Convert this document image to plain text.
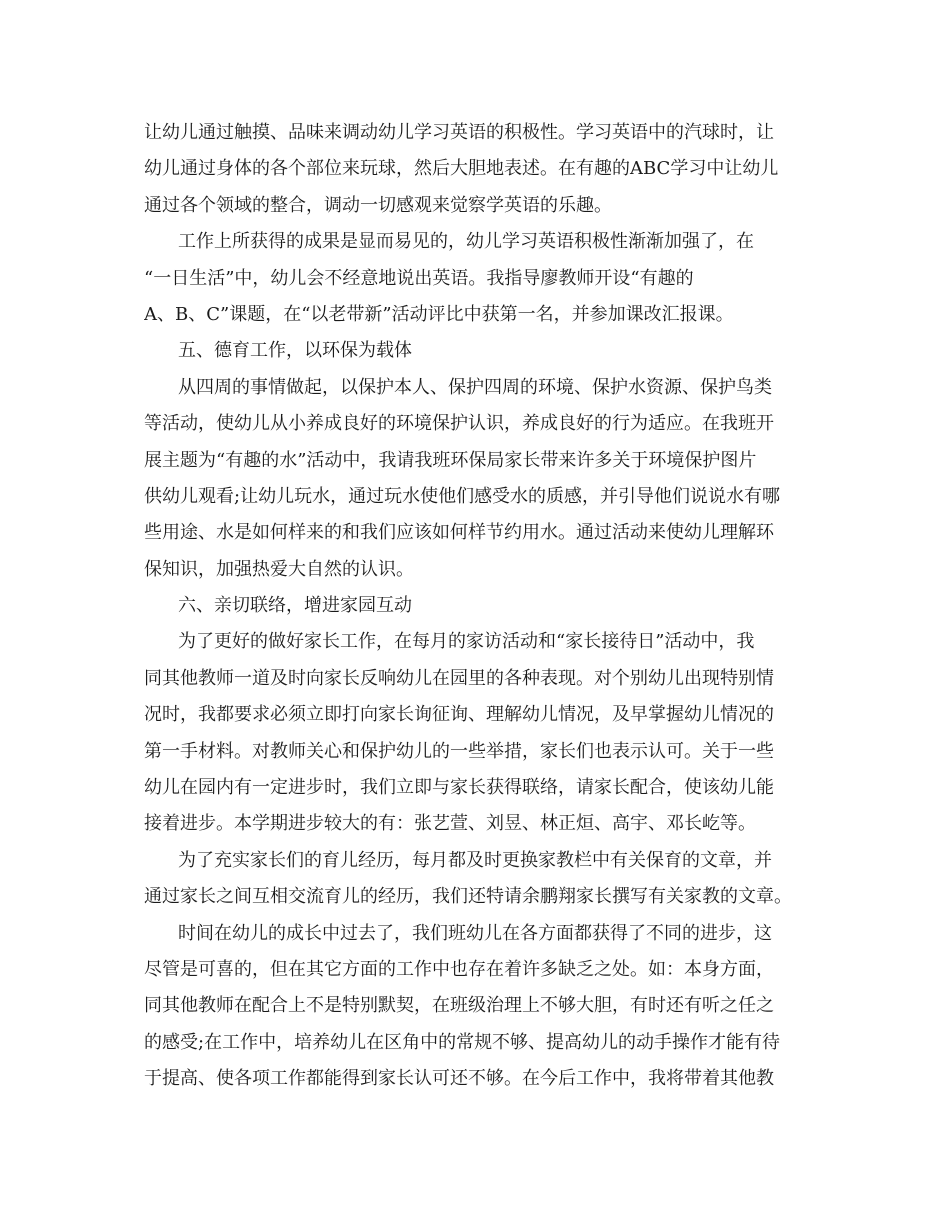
让幼儿通过触摸、品味来调动幼儿学习英语的积极性。学习英语中的汽球时，让
幼儿通过身体的各个部位来玩球，然后大胆地表述。在有趣的ABC学习中让幼儿
通过各个领域的整合，调动一切感观来觉察学英语的乐趣。
工作上所获得的成果是显而易见的，幼儿学习英语积极性渐渐加强了，在
“一日生活”中，幼儿会不经意地说出英语。我指导廖教师开设“有趣的
A、B、C”课题，在“以老带新”活动评比中获第一名，并参加课改汇报课。
五、德育工作，以环保为载体
从四周的事情做起，以保护本人、保护四周的环境、保护水资源、保护鸟类
等活动，使幼儿从小养成良好的环境保护认识，养成良好的行为适应。在我班开
展主题为“有趣的水”活动中，我请我班环保局家长带来许多关于环境保护图片
供幼儿观看;让幼儿玩水，通过玩水使他们感受水的质感，并引导他们说说水有哪
些用途、水是如何样来的和我们应该如何样节约用水。通过活动来使幼儿理解环
保知识，加强热爱大自然的认识。
六、亲切联络，增进家园互动
为了更好的做好家长工作，在每月的家访活动和“家长接待日”活动中，我
同其他教师一道及时向家长反响幼儿在园里的各种表现。对个别幼儿出现特别情
况时，我都要求必须立即打向家长询征询、理解幼儿情况，及早掌握幼儿情况的
第一手材料。对教师关心和保护幼儿的一些举措，家长们也表示认可。关于一些
幼儿在园内有一定进步时，我们立即与家长获得联络，请家长配合，使该幼儿能
接着进步。本学期进步较大的有：张艺萱、刘昱、林正烜、高宇、邓长屹等。
为了充实家长们的育儿经历，每月都及时更换家教栏中有关保育的文章，并
通过家长之间互相交流育儿的经历，我们还特请余鹏翔家长撰写有关家教的文章。
时间在幼儿的成长中过去了，我们班幼儿在各方面都获得了不同的进步，这
尽管是可喜的，但在其它方面的工作中也存在着许多缺乏之处。如：本身方面，
同其他教师在配合上不是特别默契，在班级治理上不够大胆，有时还有听之任之
的感受;在工作中，培养幼儿在区角中的常规不够、提高幼儿的动手操作才能有待
于提高、使各项工作都能得到家长认可还不够。在今后工作中，我将带着其他教
